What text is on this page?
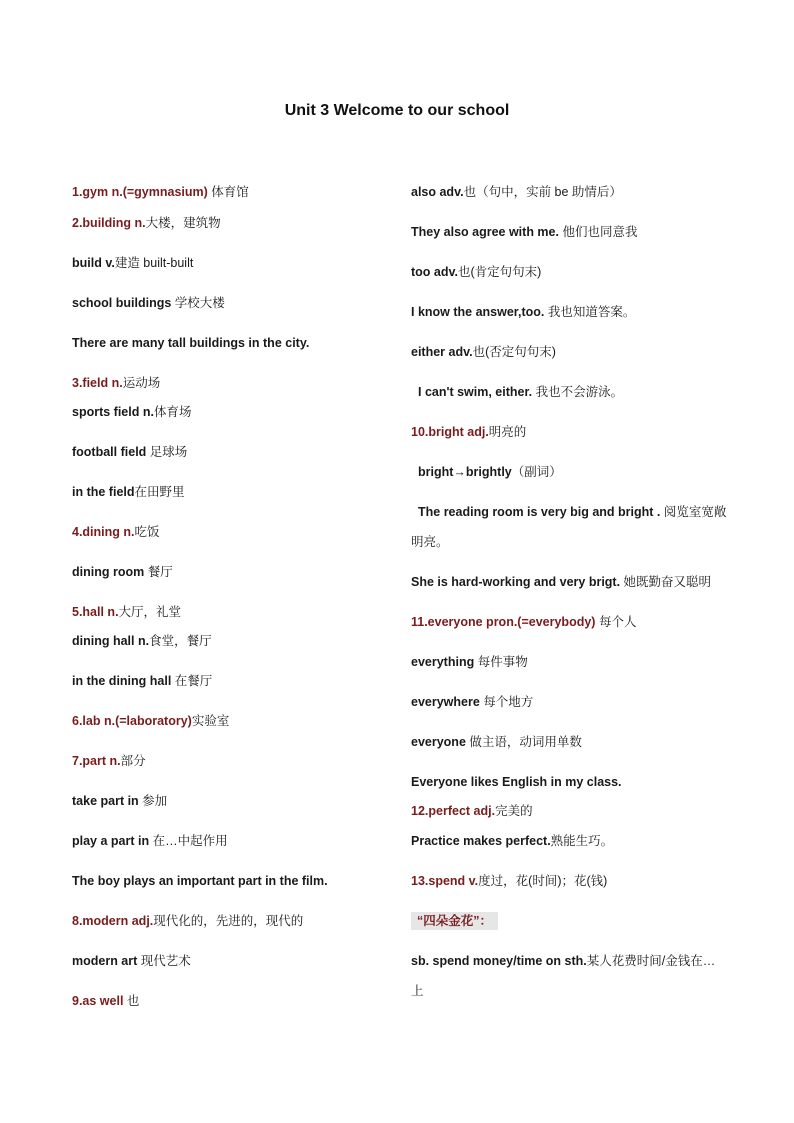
Unit 3 Welcome to our school
1.gym n.(=gymnasium) 体育馆
2.building n.大楼，建筑物
build v.建造 built-built
school buildings 学校大楼
There are many tall buildings in the city.
3.field n.运动场
sports field n.体育场
football field 足球场
in the field在田野里
4.dining n.吃饭
dining room 餐厅
5.hall n.大厅，礼堂
dining hall n.食堂，餐厅
in the dining hall 在餐厅
6.lab n.(=laboratory)实验室
7.part n.部分
take part in 参加
play a part in 在…中起作用
The boy plays an important part in the film.
8.modern adj.现代化的，先进的，现代的
modern art 现代艺术
9.as well 也
also adv.也（句中，实前 be 助情后）
They also agree with me. 他们也同意我
too adv.也(肯定句句末)
I know the answer,too. 我也知道答案。
either adv.也(否定句句末)
I can't swim, either. 我也不会游泳。
10.bright adj.明亮的
bright→brightly（副词）
The reading room is very big and bright . 阅览室宽敞
明亮。
She is hard-working and very brigt. 她既勤奋又聪明
11.everyone pron.(=everybody) 每个人
everything 每件事物
everywhere 每个地方
everyone 做主语，动词用单数
Everyone likes English in my class.
12.perfect adj.完美的
Practice makes perfect.熟能生巧。
13.spend v.度过，花(时间)；花(钱)
“四朵金花”：
sb. spend money/time on sth.某人花费时间/金钱在…
上
